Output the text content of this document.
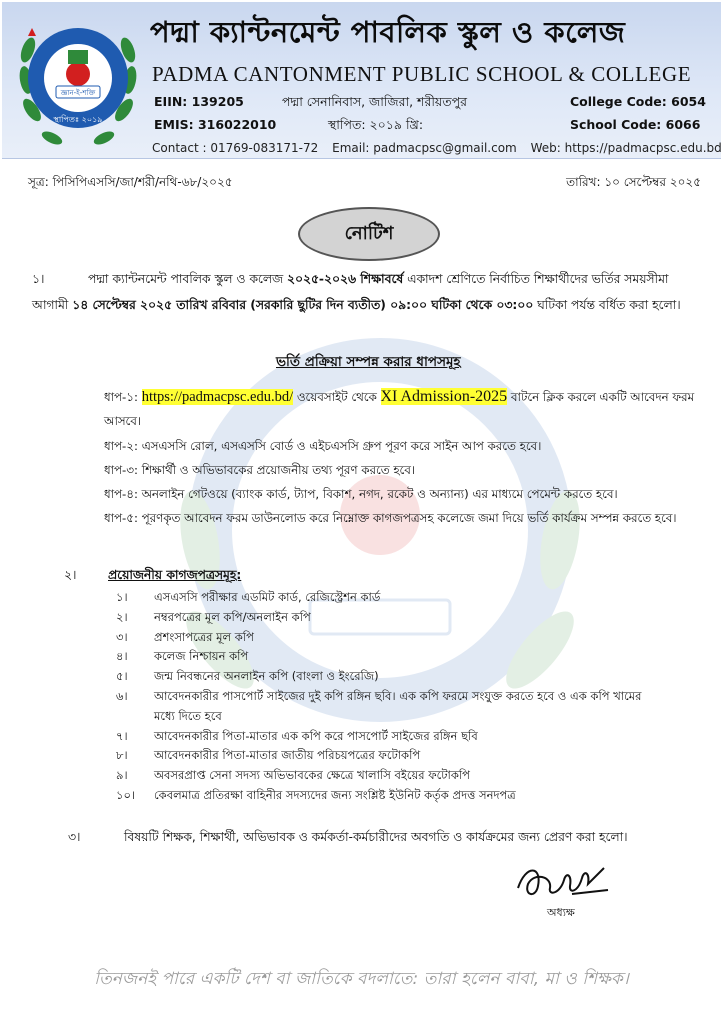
জ্ঞান-ই-শক্তি
স্থাপিতঃ ২০১৯
পদ্মা ক্যান্টনমেন্ট পাবলিক স্কুল ও কলেজ
PADMA CANTONMENT PUBLIC SCHOOL & COLLEGE
EIIN: 139205	পদ্মা সেনানিবাস, জাজিরা, শরীয়তপুর	College Code: 6054
EMIS: 316022010	স্থাপিত: ২০১৯ খ্রি:	School Code: 6066
Contact : 01769-083171-72 Email: padmacpsc@gmail.com Web: https://padmacpsc.edu.bd
সূত্র: পিসিপিএসসি/জা/শরী/নথি-৬৮/২০২৫	তারিখ: ১০ সেপ্টেম্বর ২০২৫
নোটিশ
১।	পদ্মা ক্যান্টনমেন্ট পাবলিক স্কুল ও কলেজ ২০২৫-২০২৬ শিক্ষাবর্ষে একাদশ শ্রেণিতে নির্বাচিত শিক্ষার্থীদের ভর্তির সময়সীমা আগামী ১৪ সেপ্টেম্বর ২০২৫ তারিখ রবিবার (সরকারি ছুটির দিন ব্যতীত) ০৯:০০ ঘটিকা থেকে ০৩:০০ ঘটিকা পর্যন্ত বর্ধিত করা হলো।
ভর্তি প্রক্রিয়া সম্পন্ন করার ধাপসমূহ

ধাপ-১: https://padmacpsc.edu.bd/ ওয়েবসাইট থেকে XI Admission-2025 বাটনে ক্লিক করলে একটি আবেদন ফরম আসবে।

ধাপ-২: এসএসসি রোল, এসএসসি বোর্ড ও এইচএসসি গ্রুপ পূরণ করে সাইন আপ করতে হবে।

ধাপ-৩: শিক্ষার্থী ও অভিভাবকের প্রয়োজনীয় তথ্য পূরণ করতে হবে।

ধাপ-৪: অনলাইন গেটওয়ে (ব্যাংক কার্ড, ট্যাপ, বিকাশ, নগদ, রকেট ও অন্যান্য) এর মাধ্যমে পেমেন্ট করতে হবে।

ধাপ-৫: পূরণকৃত আবেদন ফরম ডাউনলোড করে নিম্নোক্ত কাগজপত্রসহ কলেজে জমা দিয়ে ভর্তি কার্যক্রম সম্পন্ন করতে হবে।

২।	প্রয়োজনীয় কাগজপত্রসমূহ:
১।	এসএসসি পরীক্ষার এডমিট কার্ড, রেজিস্ট্রেশন কার্ড
২।	নম্বরপত্রের মূল কপি/অনলাইন কপি
৩।	প্রশংসাপত্রের মূল কপি
৪।	কলেজ নিশ্চায়ন কপি
৫।	জন্ম নিবন্ধনের অনলাইন কপি (বাংলা ও ইংরেজি)
৬।	আবেদনকারীর পাসপোর্ট সাইজের দুই কপি রঙ্গিন ছবি। এক কপি ফরমে সংযুক্ত করতে হবে ও এক কপি খামের মধ্যে দিতে হবে
৭।	আবেদনকারীর পিতা-মাতার এক কপি করে পাসপোর্ট সাইজের রঙ্গিন ছবি
৮।	আবেদনকারীর পিতা-মাতার জাতীয় পরিচয়পত্রের ফটোকপি
৯।	অবসরপ্রাপ্ত সেনা সদস্য অভিভাবকের ক্ষেত্রে খালাসি বইয়ের ফটোকপি
১০।	কেবলমাত্র প্রতিরক্ষা বাহিনীর সদস্যদের জন্য সংশ্লিষ্ট ইউনিট কর্তৃক প্রদত্ত সনদপত্র
৩।	বিষয়টি শিক্ষক, শিক্ষার্থী, অভিভাবক ও কর্মকর্তা-কর্মচারীদের অবগতি ও কার্যক্রমের জন্য প্রেরণ করা হলো।
অধ্যক্ষ
তিনজনই পারে একটি দেশ বা জাতিকে বদলাতে: তারা হলেন বাবা, মা ও শিক্ষক।
